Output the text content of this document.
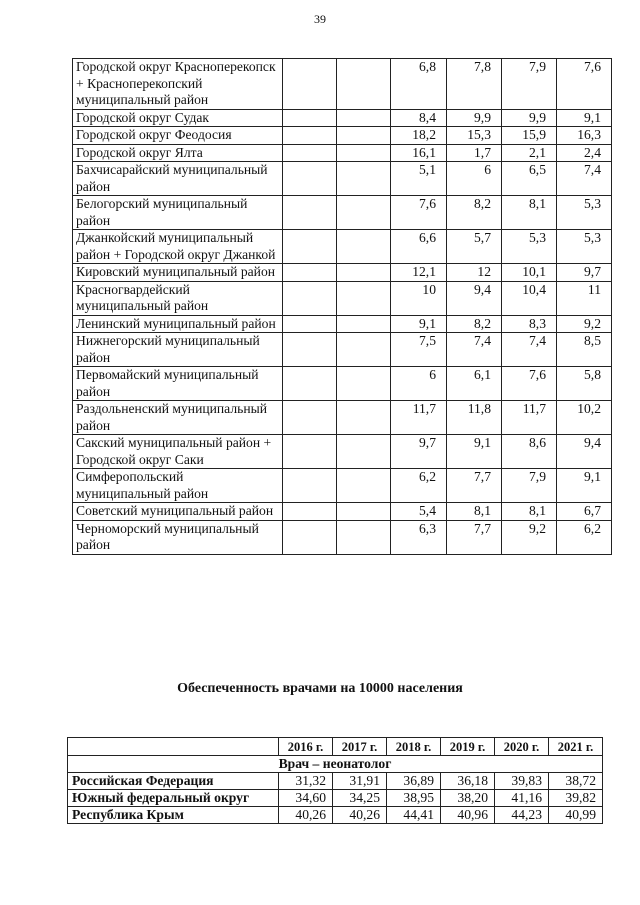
39
Городской округ Красноперекопск + Красноперекопский муниципальный район			6,8	7,8	7,9	7,6
Городской округ Судак			8,4	9,9	9,9	9,1
Городской округ Феодосия			18,2	15,3	15,9	16,3
Городской округ Ялта			16,1	1,7	2,1	2,4
Бахчисарайский муниципальный район			5,1	6	6,5	7,4
Белогорский муниципальный район			7,6	8,2	8,1	5,3
Джанкойский муниципальный район + Городской округ Джанкой			6,6	5,7	5,3	5,3
Кировский муниципальный район			12,1	12	10,1	9,7
Красногвардейский муниципальный район			10	9,4	10,4	11
Ленинский муниципальный район			9,1	8,2	8,3	9,2
Нижнегорский муниципальный район			7,5	7,4	7,4	8,5
Первомайский муниципальный район			6	6,1	7,6	5,8
Раздольненский муниципальный район			11,7	11,8	11,7	10,2
Сакский муниципальный район + Городской округ Саки			9,7	9,1	8,6	9,4
Симферопольский муниципальный район			6,2	7,7	7,9	9,1
Советский муниципальный район			5,4	8,1	8,1	6,7
Черноморский муниципальный район			6,3	7,7	9,2	6,2
Обеспеченность врачами на 10000 населения
	2016 г.	2017 г.	2018 г.	2019 г.	2020 г.	2021 г.
Врач – неонатолог						
Российская Федерация	31,32	31,91	36,89	36,18	39,83	38,72
Южный федеральный округ	34,60	34,25	38,95	38,20	41,16	39,82
Республика Крым	40,26	40,26	44,41	40,96	44,23	40,99
